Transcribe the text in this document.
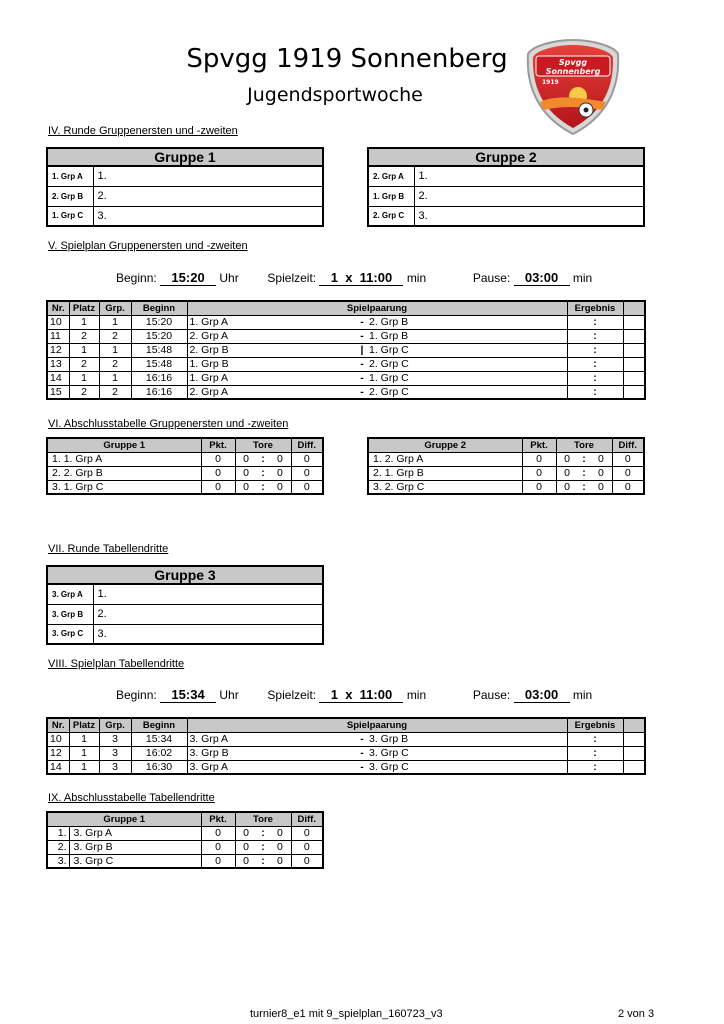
Spvgg 1919 Sonnenberg
Jugendsportwoche
Spvgg
Sonnenberg
1919
IV. Runde Gruppenersten und -zweiten
Gruppe 1	
1. Grp A	1.
2. Grp B	2.
1. Grp C	3.
Gruppe 2	
2. Grp A	1.
1. Grp B	2.
2. Grp C	3.
V. Spielplan Gruppenersten und -zweiten
Beginn: 15:20 Uhr Spielzeit: 1  x  11:00 min	Pause: 03:00 min
Nr.	Platz	Grp.	Beginn	Spielpaarung			Ergebnis	
10	1	1	15:20	1. Grp A	-	2. Grp B	:	
11	2	2	15:20	2. Grp A	-	1. Grp B	:	
12	1	1	15:48	2. Grp B	|	1. Grp C	:	
13	2	2	15:48	1. Grp B	-	2. Grp C	:	
14	1	1	16:16	1. Grp A	-	1. Grp C	:	
15	2	2	16:16	2. Grp A	-	2. Grp C	:	
VI. Abschlusstabelle Gruppenersten und -zweiten
Gruppe 1	Pkt.	Tore			Diff.
1. 1. Grp A	0	0	:	0	0
2. 2. Grp B	0	0	:	0	0
3. 1. Grp C	0	0	:	0	0
Gruppe 2	Pkt.	Tore			Diff.
1. 2. Grp A	0	0	:	0	0
2. 1. Grp B	0	0	:	0	0
3. 2. Grp C	0	0	:	0	0
VII. Runde Tabellendritte
Gruppe 3	
3. Grp A	1.
3. Grp B	2.
3. Grp C	3.
VIII. Spielplan Tabellendritte
Beginn: 15:34 Uhr Spielzeit: 1  x  11:00 min	Pause: 03:00 min
Nr.	Platz	Grp.	Beginn	Spielpaarung			Ergebnis	
10	1	3	15:34	3. Grp A	-	3. Grp B	:	
12	1	3	16:02	3. Grp B	-	3. Grp C	:	
14	1	3	16:30	3. Grp A	-	3. Grp C	:	
IX. Abschlusstabelle Tabellendritte
Gruppe 1		Pkt.	Tore			Diff.
1.	3. Grp A	0	0	:	0	0
2.	3. Grp B	0	0	:	0	0
3.	3. Grp C	0	0	:	0	0
turnier8_e1 mit 9_spielplan_160723_v3	2 von 3
